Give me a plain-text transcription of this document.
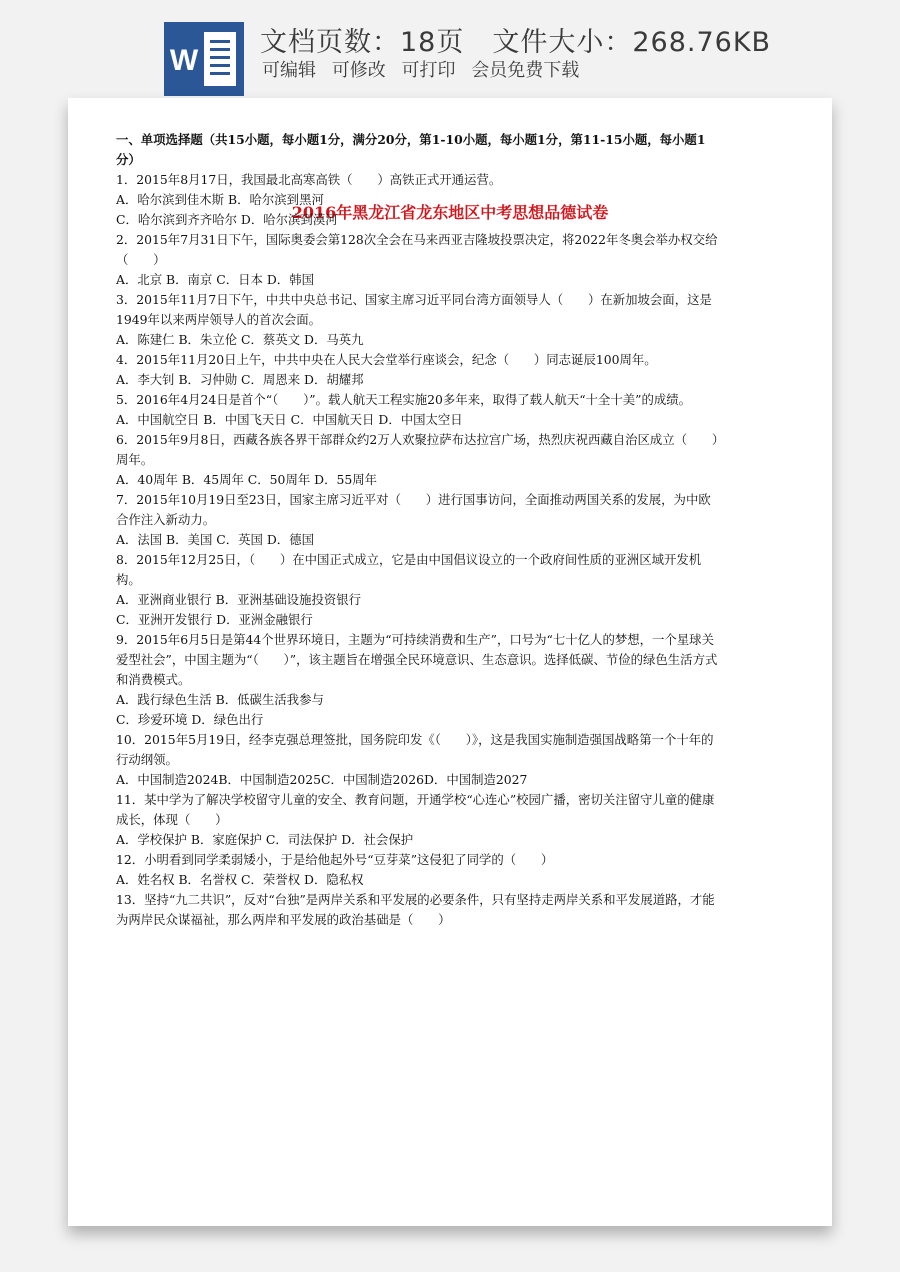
W
文档页数：18页 文件大小：268.76KB
可编辑 可修改 可打印 会员免费下载
2016年黑龙江省龙东地区中考思想品德试卷

一、单项选择题（共15小题，每小题1分，满分20分，第1-10小题，每小题1分，第11-15小题，每小题1分）

1．2015年8月17日，我国最北高寒高铁（　　）高铁正式开通运营。

A．哈尔滨到佳木斯 B．哈尔滨到黑河

C．哈尔滨到齐齐哈尔 D．哈尔滨到漠河

2．2015年7月31日下午，国际奥委会第128次全会在马来西亚吉隆坡投票决定，将2022年冬奥会举办权交给（　　）

A．北京 B．南京 C．日本 D．韩国

3．2015年11月7日下午，中共中央总书记、国家主席习近平同台湾方面领导人（　　）在新加坡会面，这是1949年以来两岸领导人的首次会面。

A．陈建仁 B．朱立伦 C．蔡英文 D．马英九

4．2015年11月20日上午，中共中央在人民大会堂举行座谈会，纪念（　　）同志诞辰100周年。

A．李大钊 B．习仲勋 C．周恩来 D．胡耀邦

5．2016年4月24日是首个“（　　）”。载人航天工程实施20多年来，取得了载人航天“十全十美”的成绩。

A．中国航空日 B．中国飞天日 C．中国航天日 D．中国太空日

6．2015年9月8日，西藏各族各界干部群众约2万人欢聚拉萨布达拉宫广场，热烈庆祝西藏自治区成立（　　）周年。

A．40周年 B．45周年 C．50周年 D．55周年

7．2015年10月19日至23日，国家主席习近平对（　　）进行国事访问，全面推动两国关系的发展，为中欧合作注入新动力。

A．法国 B．美国 C．英国 D．德国

8．2015年12月25日，（　　）在中国正式成立，它是由中国倡议设立的一个政府间性质的亚洲区域开发机构。

A．亚洲商业银行 B．亚洲基础设施投资银行

C．亚洲开发银行 D．亚洲金融银行

9．2015年6月5日是第44个世界环境日，主题为“可持续消费和生产”，口号为“七十亿人的梦想，一个星球关爱型社会”，中国主题为“（　　）”，该主题旨在增强全民环境意识、生态意识。选择低碳、节俭的绿色生活方式和消费模式。

A．践行绿色生活 B．低碳生活我参与

C．珍爱环境 D．绿色出行

10．2015年5月19日，经李克强总理签批，国务院印发《（　　）》，这是我国实施制造强国战略第一个十年的行动纲领。

A．中国制造2024B．中国制造2025C．中国制造2026D．中国制造2027

11．某中学为了解决学校留守儿童的安全、教育问题，开通学校“心连心”校园广播，密切关注留守儿童的健康成长，体现（　　）

A．学校保护 B．家庭保护 C．司法保护 D．社会保护

12．小明看到同学柔弱矮小，于是给他起外号“豆芽菜”这侵犯了同学的（　　）

A．姓名权 B．名誉权 C．荣誉权 D．隐私权

13．坚持“九二共识”，反对“台独”是两岸关系和平发展的必要条件，只有坚持走两岸关系和平发展道路，才能为两岸民众谋福祉，那么两岸和平发展的政治基础是（　　）
